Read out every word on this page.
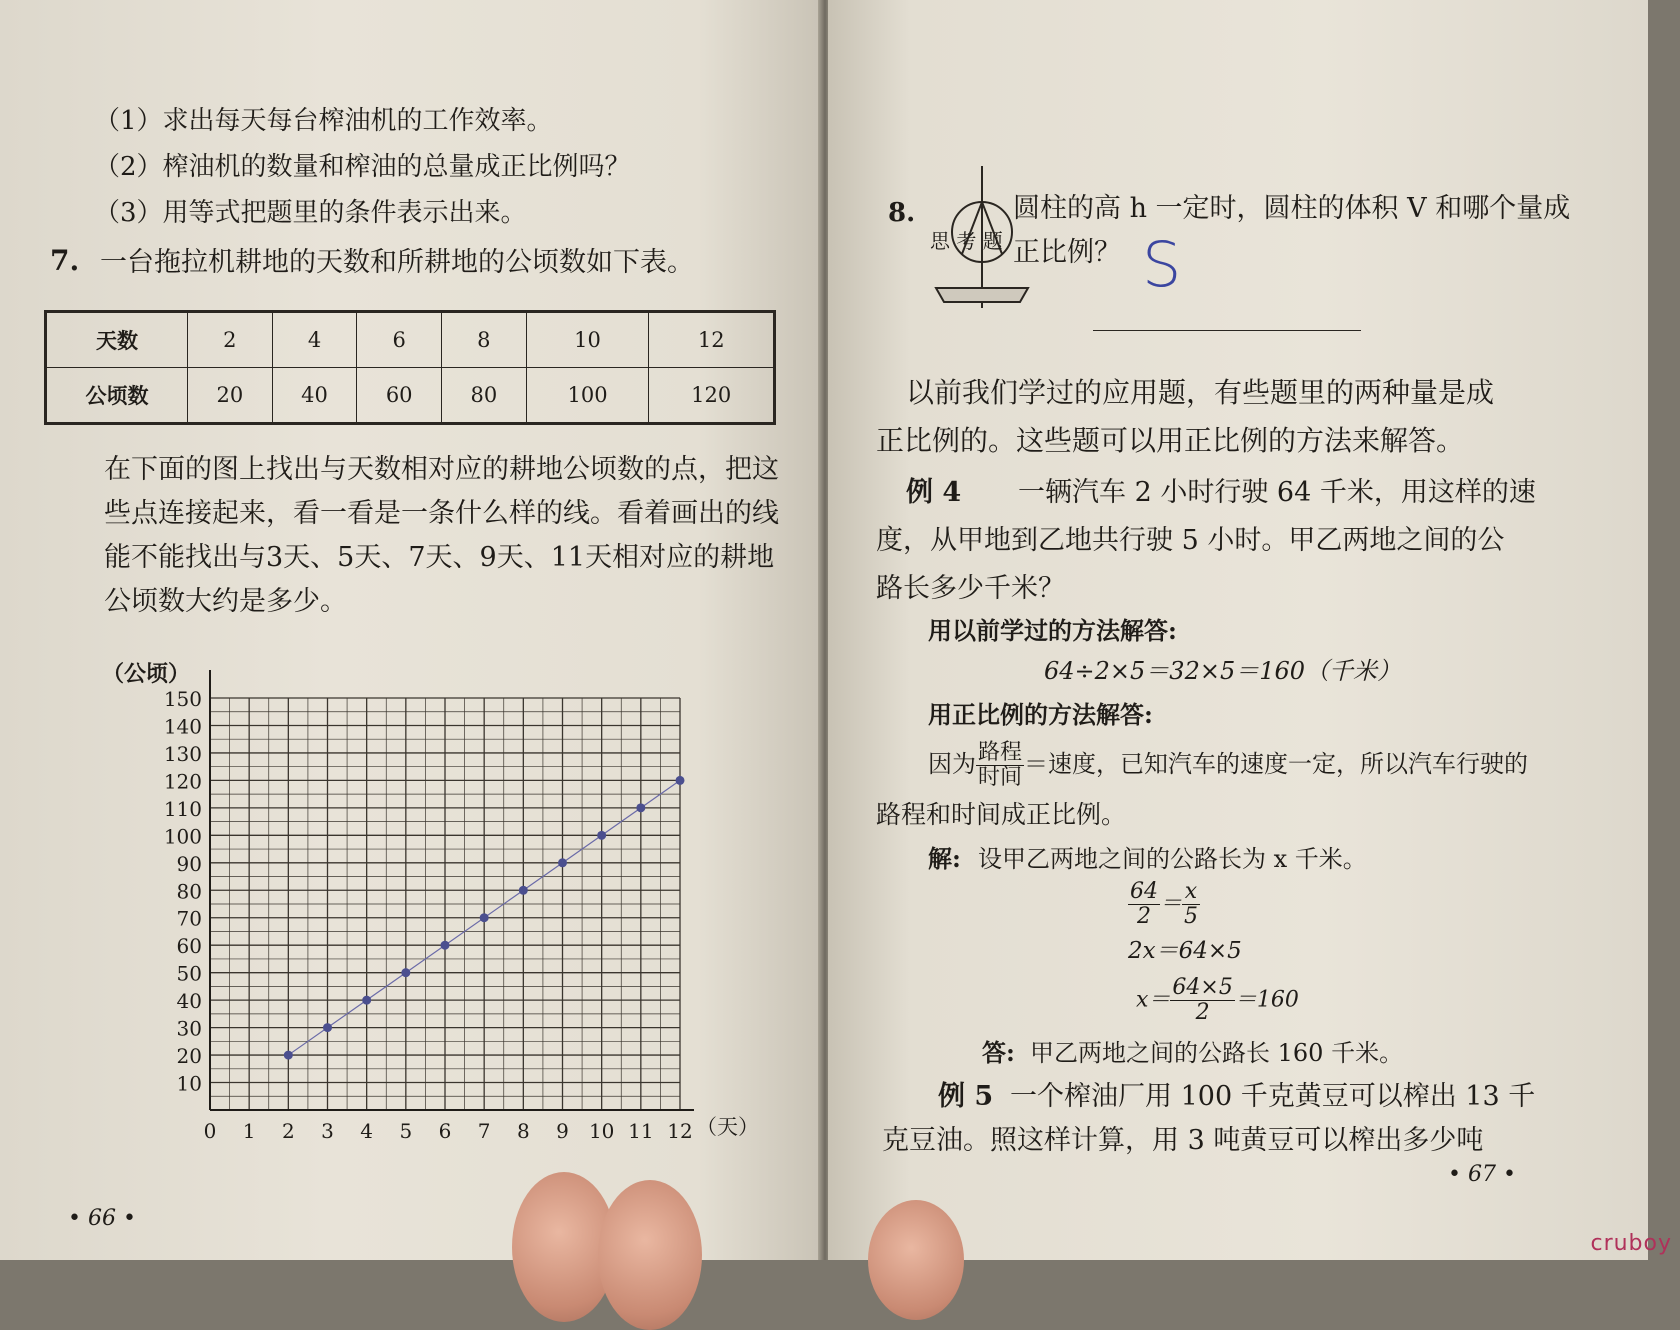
（1）求出每天每台榨油机的工作效率。
（2）榨油机的数量和榨油的总量成正比例吗？
（3）用等式把题里的条件表示出来。
7. 一台拖拉机耕地的天数和所耕地的公顷数如下表。
天数	2	4	6	8	10	12
公顷数	20	40	60	80	100	120
在下面的图上找出与天数相对应的耕地公顷数的点，把这些点连接起来，看一看是一条什么样的线。看着画出的线能不能找出与3天、5天、7天、9天、11天相对应的耕地公顷数大约是多少。
10
20
30
40
50
60
70
80
90
100
110
120
130
140
150
0 1 2 3 4 5 6 7 8 9 10 11 12
（公顷）
（天）
• 66 •
8.	圆柱的高 h 一定时，圆柱的体积 V 和哪个量成
正比例？
思 考 题 S
以前我们学过的应用题，有些题里的两种量是成
正比例的。这些题可以用正比例的方法来解答。
例 4 一辆汽车 2 小时行驶 64 千米，用这样的速
度，从甲地到乙地共行驶 5 小时。甲乙两地之间的公
路长多少千米？
用以前学过的方法解答:
64÷2×5＝32×5＝160（千米）
用正比例的方法解答:
因为 $\frac{\text{路程}}{\text{时间}}$ ＝速度，已知汽车的速度一定，所以汽车行驶的
路程和时间成正比例。
解: 设甲乙两地之间的公路长为 x 千米。
$\frac{64}{2} = \frac{x}{5}$
2x＝64×5
$x= \frac{64\times 5}{2} =160$
答: 甲乙两地之间的公路长 160 千米。
例 5 一个榨油厂用 100 千克黄豆可以榨出 13 千
克豆油。照这样计算，用 3 吨黄豆可以榨出多少吨
• 67 •
cruboy
